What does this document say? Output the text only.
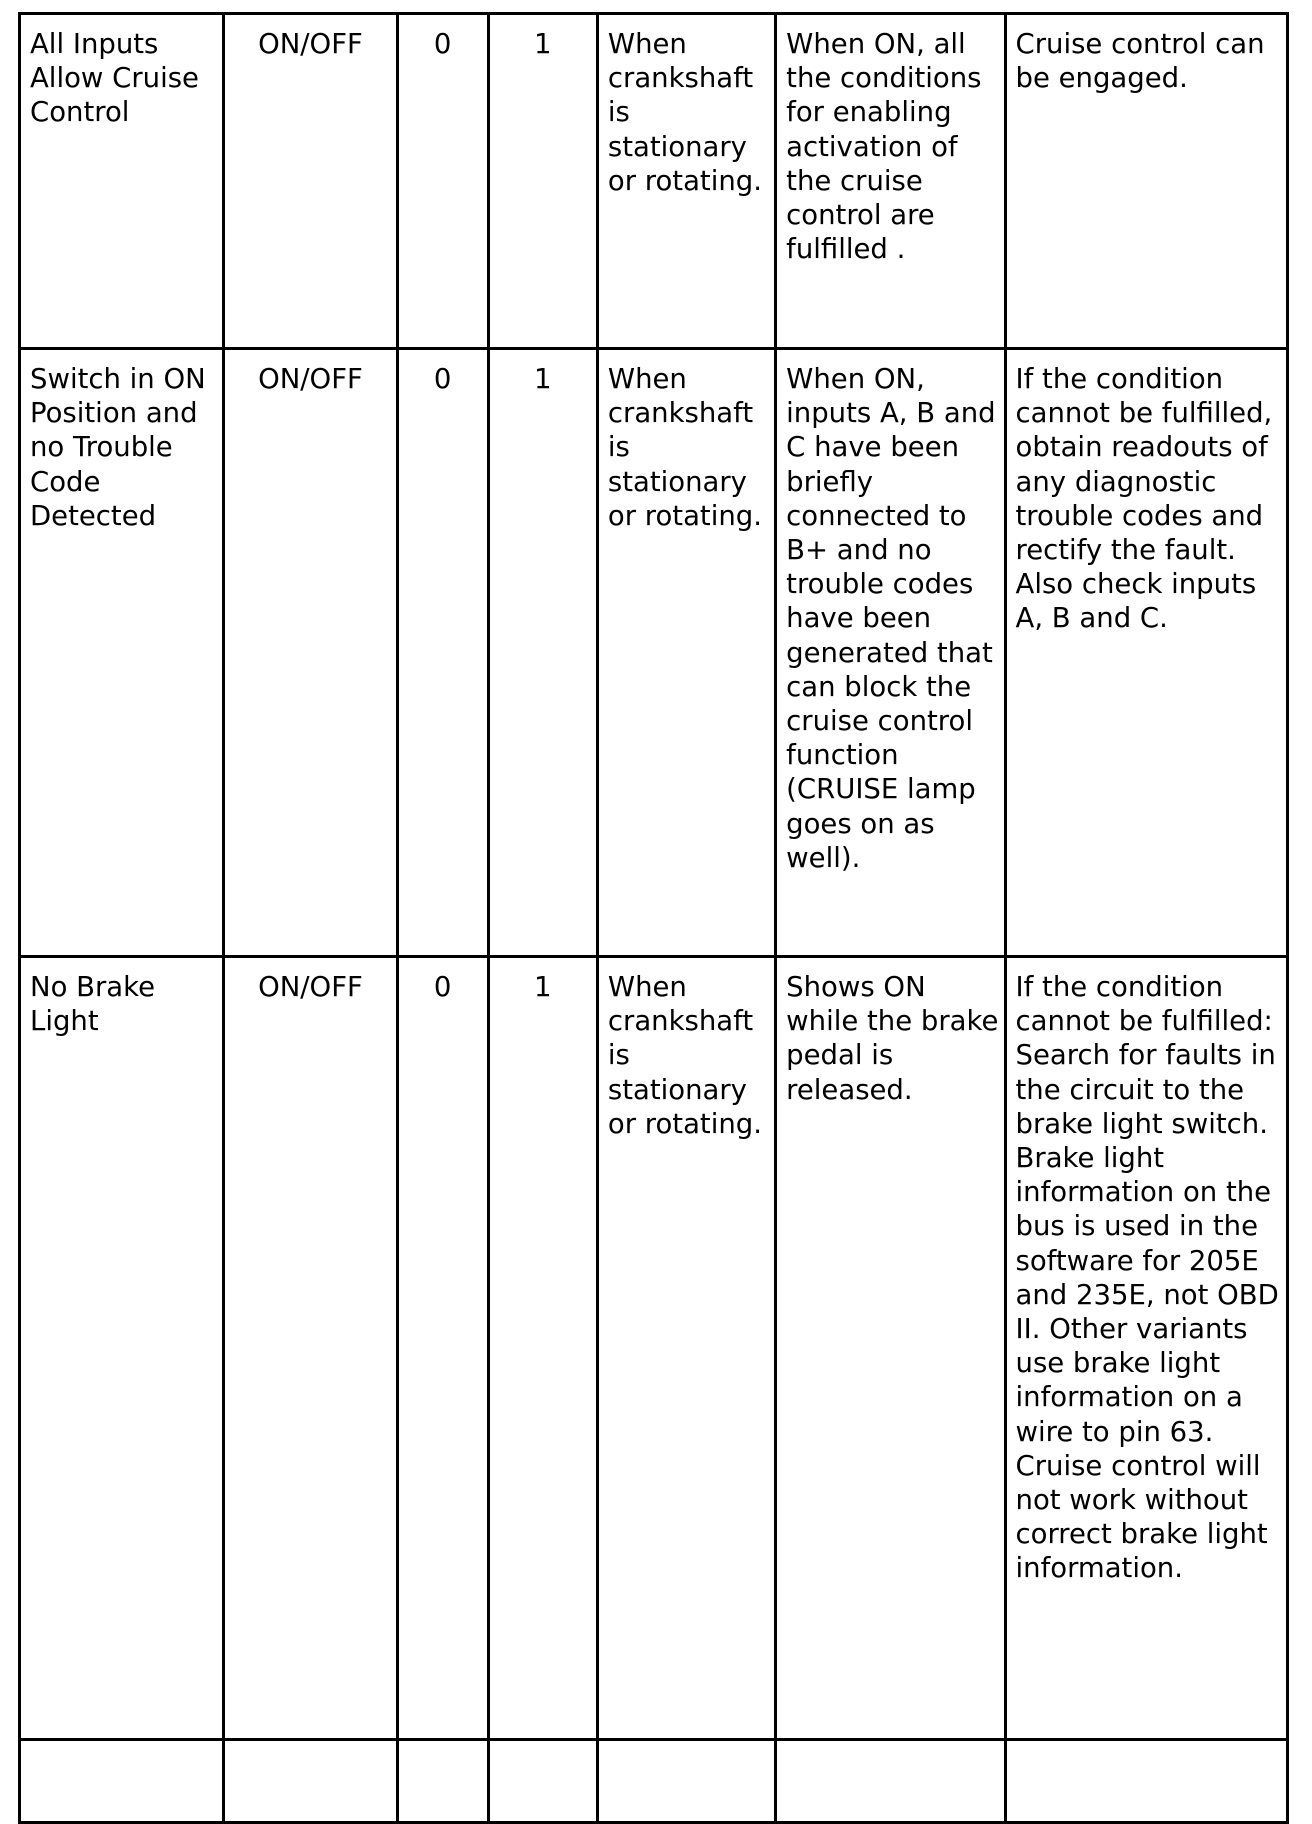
All Inputs Allow Cruise Control	ON/OFF	0	1	When crankshaft is stationary or rotating.	When ON, all the conditions for enabling activation of the cruise control are fulfilled .	Cruise control can be engaged.
Switch in ON Position and no Trouble Code Detected	ON/OFF	0	1	When crankshaft is stationary or rotating.	When ON, inputs A, B and C have been briefly connected to B+ and no trouble codes have been generated that can block the cruise control function (CRUISE lamp goes on as well).	If the condition cannot be fulfilled, obtain readouts of any diagnostic trouble codes and rectify the fault. Also check inputs A, B and C.
No Brake Light	ON/OFF	0	1	When crankshaft is stationary or rotating.	Shows ON while the brake pedal is released.	If the condition cannot be fulfilled: Search for faults in the circuit to the brake light switch. Brake light information on the bus is used in the software for 205E and 235E, not OBD II. Other variants use brake light information on a wire to pin 63. Cruise control will not work without correct brake light information.
